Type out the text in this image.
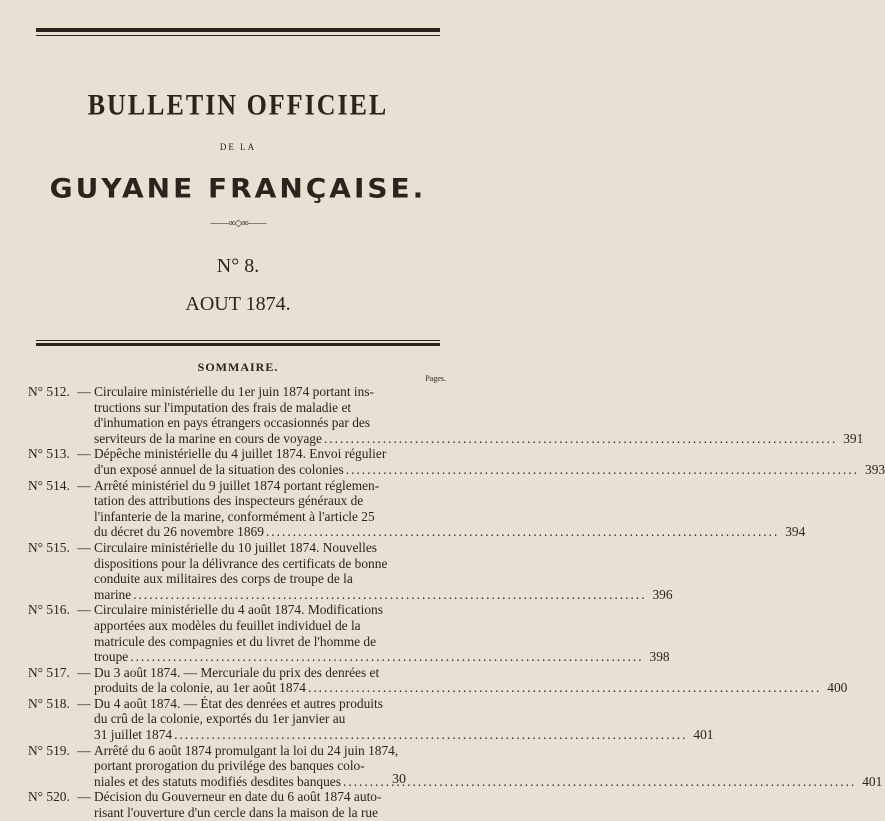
BULLETIN OFFICIEL
DE LA
GUYANE FRANÇAISE.
——∞◇∞——
N° 8.
AOUT 1874.
SOMMAIRE.
Pages.
N° 512. — Circulaire ministérielle du 1er juin 1874 portant ins-
tructions sur l'imputation des frais de maladie et
d'inhumation en pays étrangers occasionnés par des
serviteurs de la marine en cours de voyage .....	391
N° 513. — Dépêche ministérielle du 4 juillet 1874. Envoi régulier
d'un exposé annuel de la situation des colonies .....	393
N° 514. — Arrêté ministériel du 9 juillet 1874 portant réglemen-
tation des attributions des inspecteurs généraux de
l'infanterie de la marine, conformément à l'article 25
du décret du 26 novembre 1869 .....	394
N° 515. — Circulaire ministérielle du 10 juillet 1874. Nouvelles
dispositions pour la délivrance des certificats de bonne
conduite aux militaires des corps de troupe de la
marine .....	396
N° 516. — Circulaire ministérielle du 4 août 1874. Modifications
apportées aux modèles du feuillet individuel de la
matricule des compagnies et du livret de l'homme de
troupe .....	398
N° 517. — Du 3 août 1874. — Mercuriale du prix des denrées et
produits de la colonie, au 1er août 1874 .....	400
N° 518. — Du 4 août 1874. — État des denrées et autres produits
du crû de la colonie, exportés du 1er janvier au
31 juillet 1874 .....	401
N° 519. — Arrêté du 6 août 1874 promulgant la loi du 24 juin 1874,
portant prorogation du privilége des banques colo-
niales et des statuts modifiés desdites banques .....	401
N° 520. — Décision du Gouverneur en date du 6 août 1874 auto-
risant l'ouverture d'un cercle dans la maison de la rue
30
